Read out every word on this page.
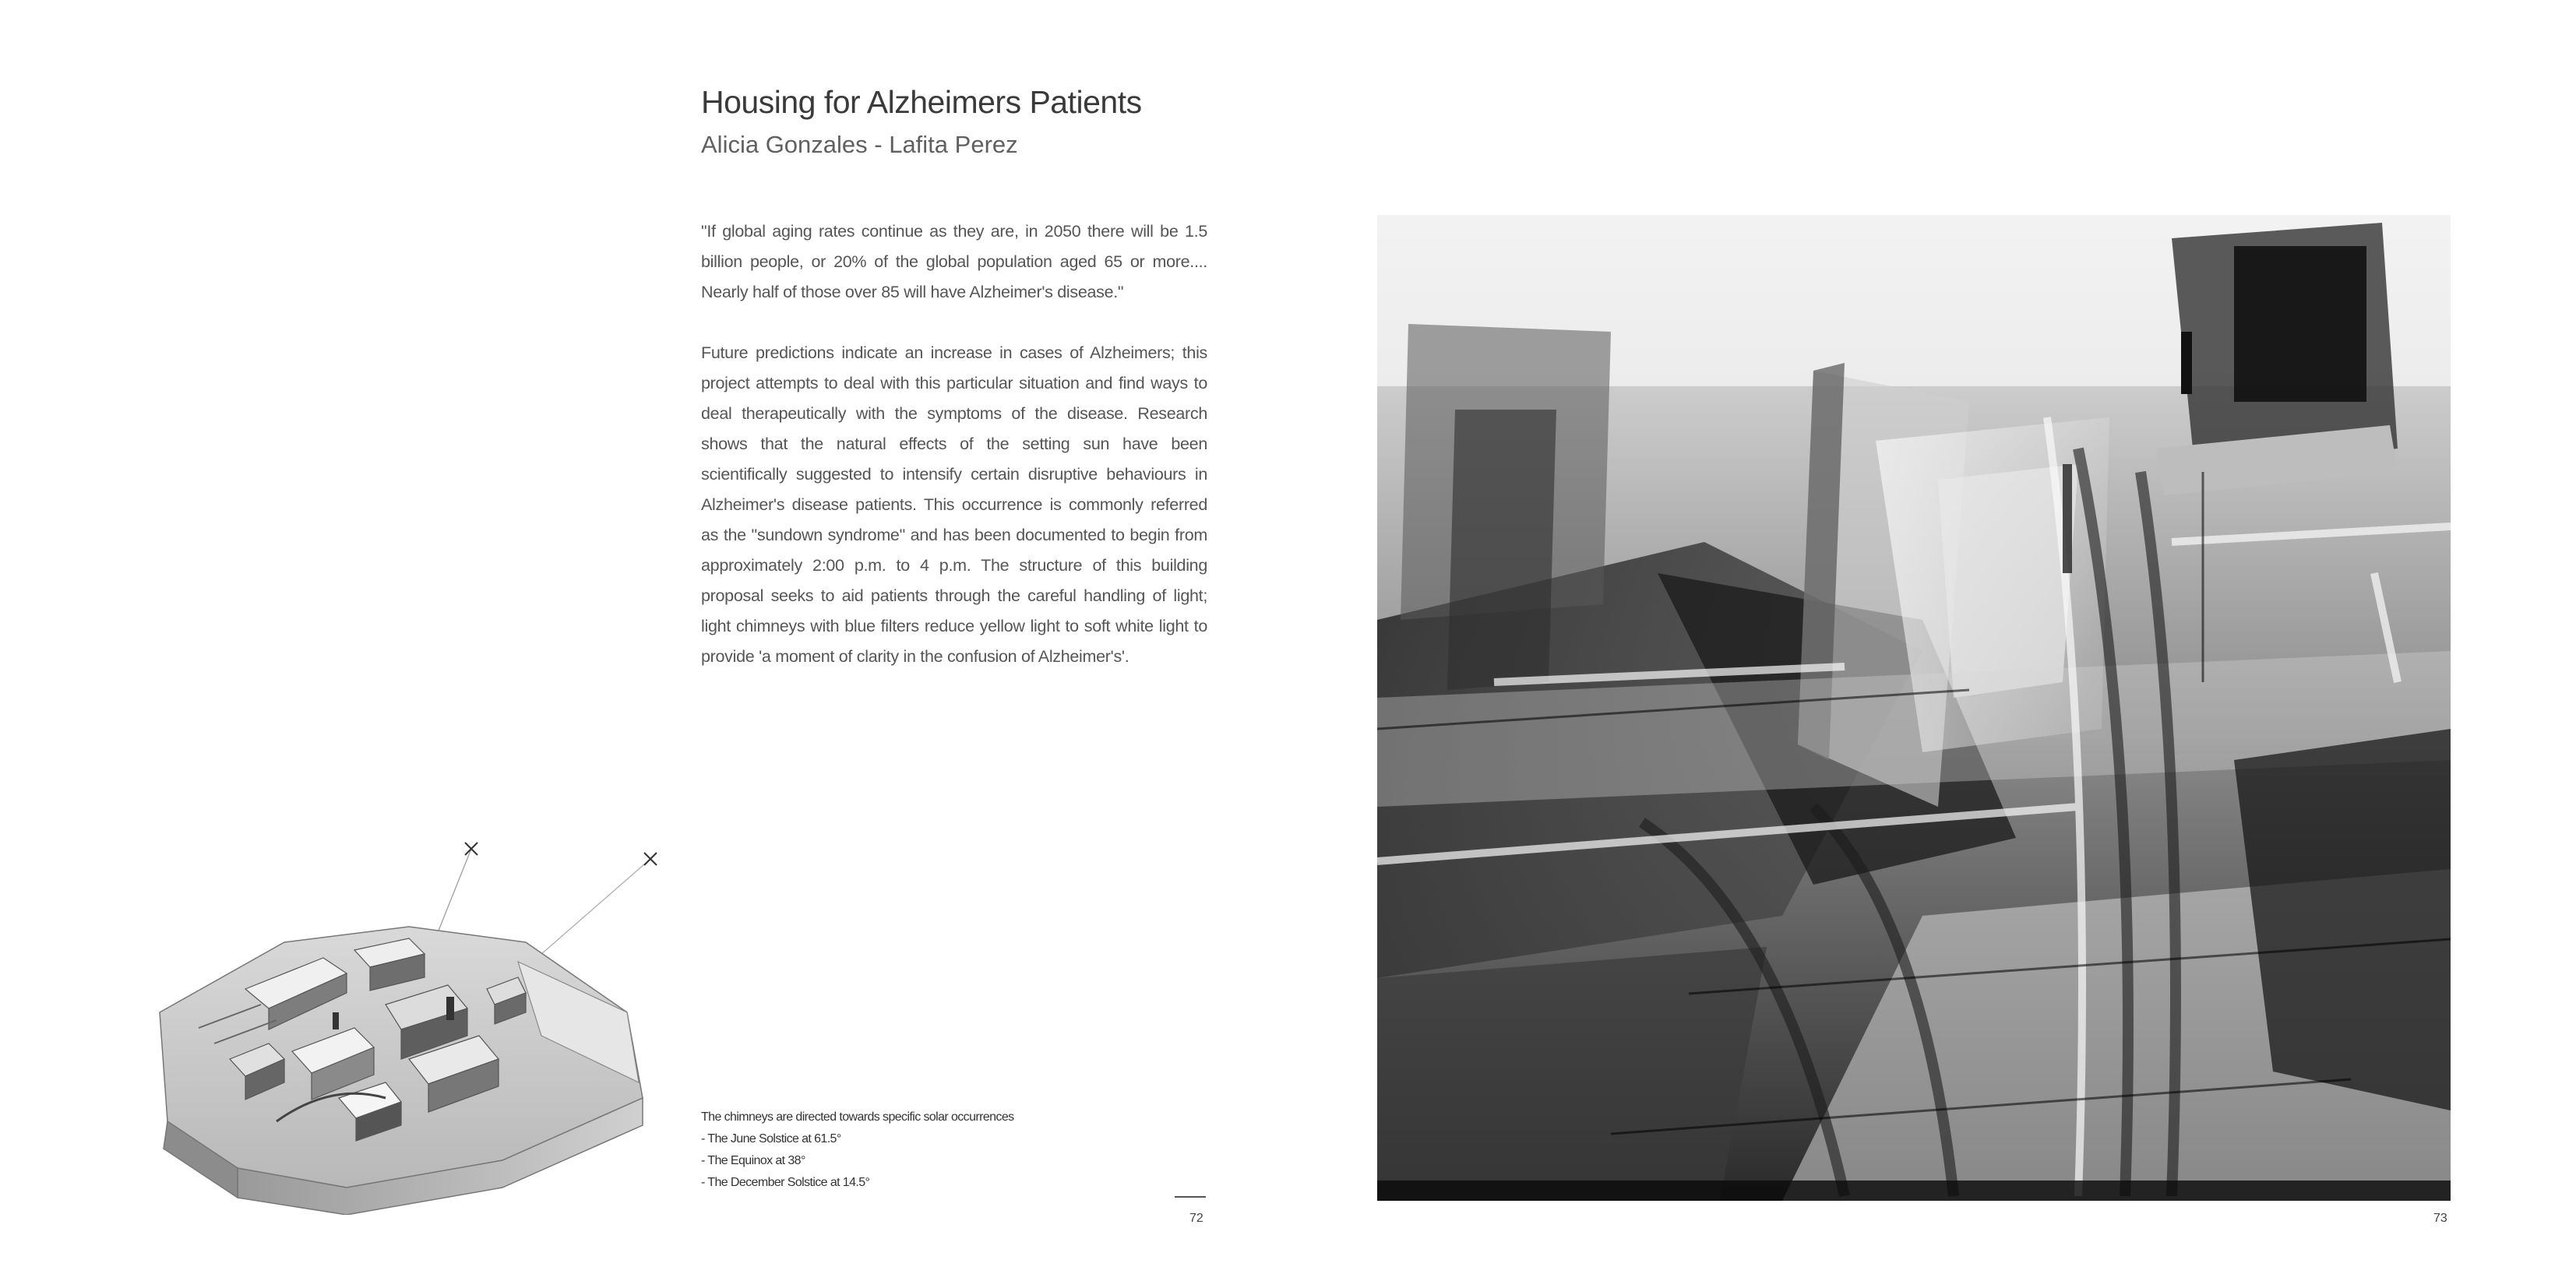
Housing for Alzheimers Patients
Alicia Gonzales - Lafita Perez

"If global aging rates continue as they are, in 2050 there will be 1.5 billion people, or 20% of the global population aged 65 or more.... Nearly half of those over 85 will have Alzheimer's disease."

Future predictions indicate an increase in cases of Alzheimers; this project attempts to deal with this particular situation and find ways to deal therapeutically with the symptoms of the disease. Research shows that the natural effects of the setting sun have been scientifically suggested to intensify certain disruptive behaviours in Alzheimer's disease patients. This occurrence is commonly referred as the "sundown syndrome" and has been documented to begin from approximately 2:00 p.m. to 4 p.m. The structure of this building proposal seeks to aid patients through the careful handling of light; light chimneys with blue filters reduce yellow light to soft white light to provide 'a moment of clarity in the confusion of Alzheimer's'.

The chimneys are directed towards specific solar occurrences
- The June Solstice at 61.5°
- The Equinox at 38°
- The December Solstice at 14.5°
72	73
